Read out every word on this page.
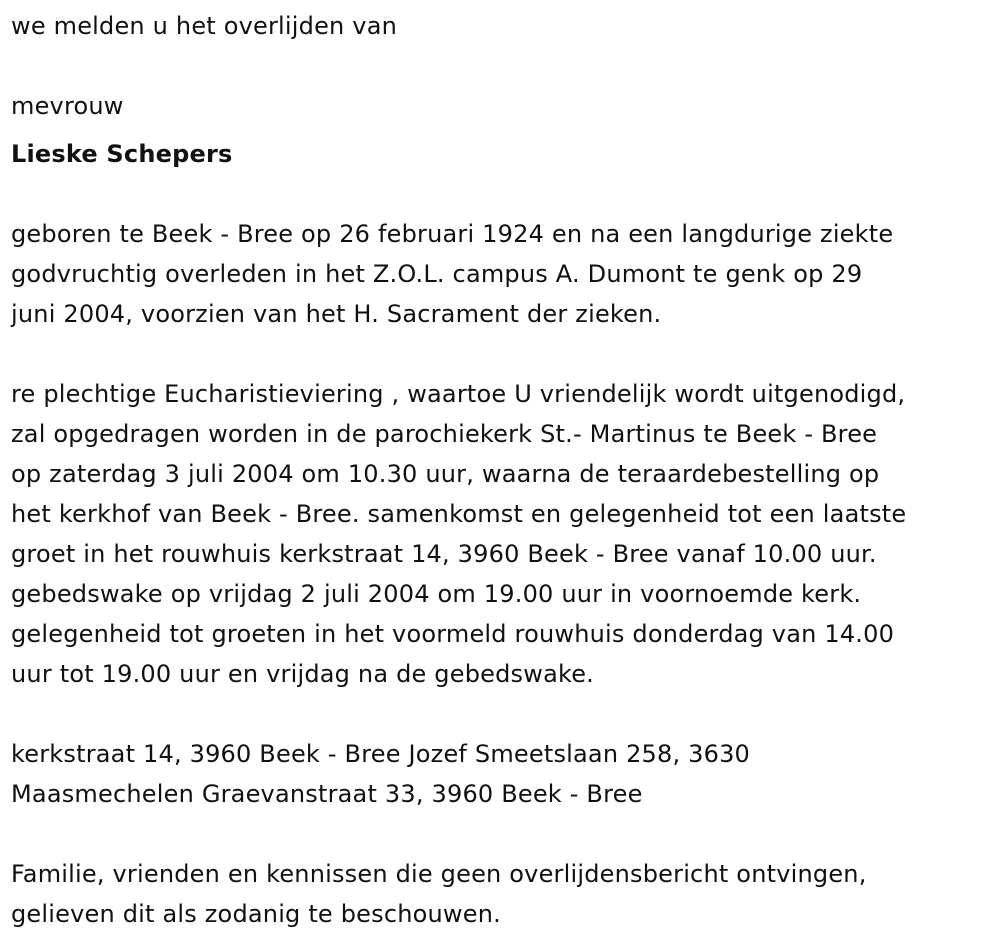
we melden u het overlijden van

mevrouw

Lieske Schepers

geboren te Beek - Bree op 26 februari 1924 en na een langdurige ziekte

godvruchtig overleden in het Z.O.L. campus A. Dumont te genk op 29

juni 2004, voorzien van het H. Sacrament der zieken.

re plechtige Eucharistieviering , waartoe U vriendelijk wordt uitgenodigd,

zal opgedragen worden in de parochiekerk St.- Martinus te Beek - Bree

op zaterdag 3 juli 2004 om 10.30 uur, waarna de teraardebestelling op

het kerkhof van Beek - Bree. samenkomst en gelegenheid tot een laatste

groet in het rouwhuis kerkstraat 14, 3960 Beek - Bree vanaf 10.00 uur.

gebedswake op vrijdag 2 juli 2004 om 19.00 uur in voornoemde kerk.

gelegenheid tot groeten in het voormeld rouwhuis donderdag van 14.00

uur tot 19.00 uur en vrijdag na de gebedswake.

kerkstraat 14, 3960 Beek - Bree Jozef Smeetslaan 258, 3630

Maasmechelen Graevanstraat 33, 3960 Beek - Bree

Familie, vrienden en kennissen die geen overlijdensbericht ontvingen,

gelieven dit als zodanig te beschouwen.
